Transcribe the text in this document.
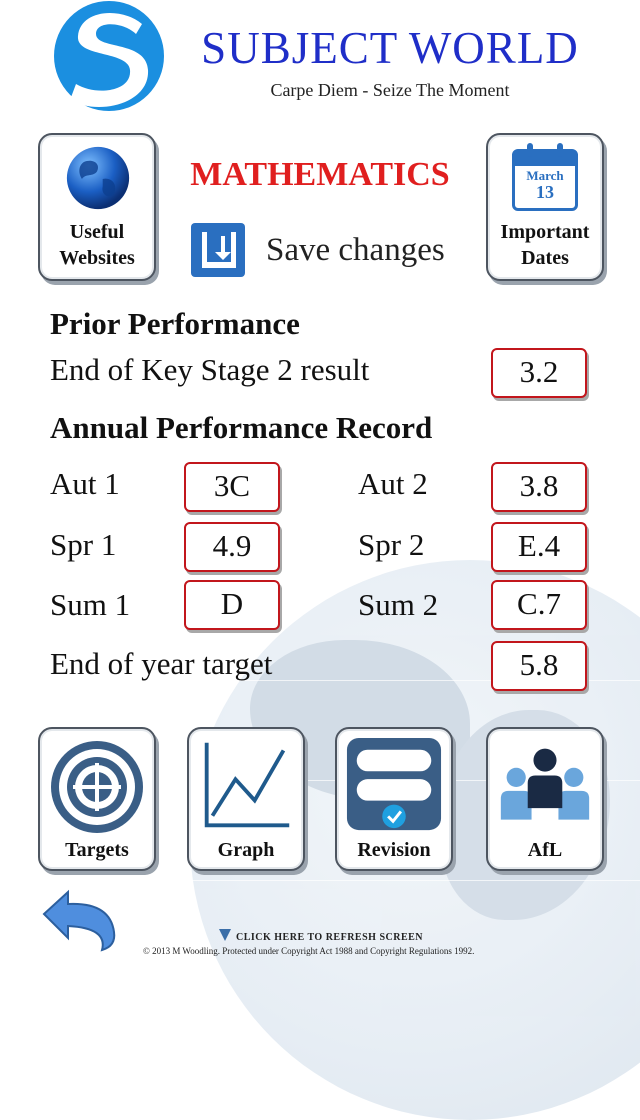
SUBJECT WORLD
Carpe Diem - Seize The Moment
Useful
Websites
March
13
Important
Dates
MATHEMATICS
Save changes
Prior Performance
End of Key Stage 2 result	3.2
Annual Performance Record
Aut 1	3C	Aut 2	3.8
Spr 1	4.9	Spr 2	E.4
Sum 1	D	Sum 2	C.7
End of year target	5.8
Targets	Graph	Revision	AfL
CLICK HERE TO REFRESH SCREEN
© 2013 M Woodling. Protected under Copyright Act 1988 and Copyright Regulations 1992.
